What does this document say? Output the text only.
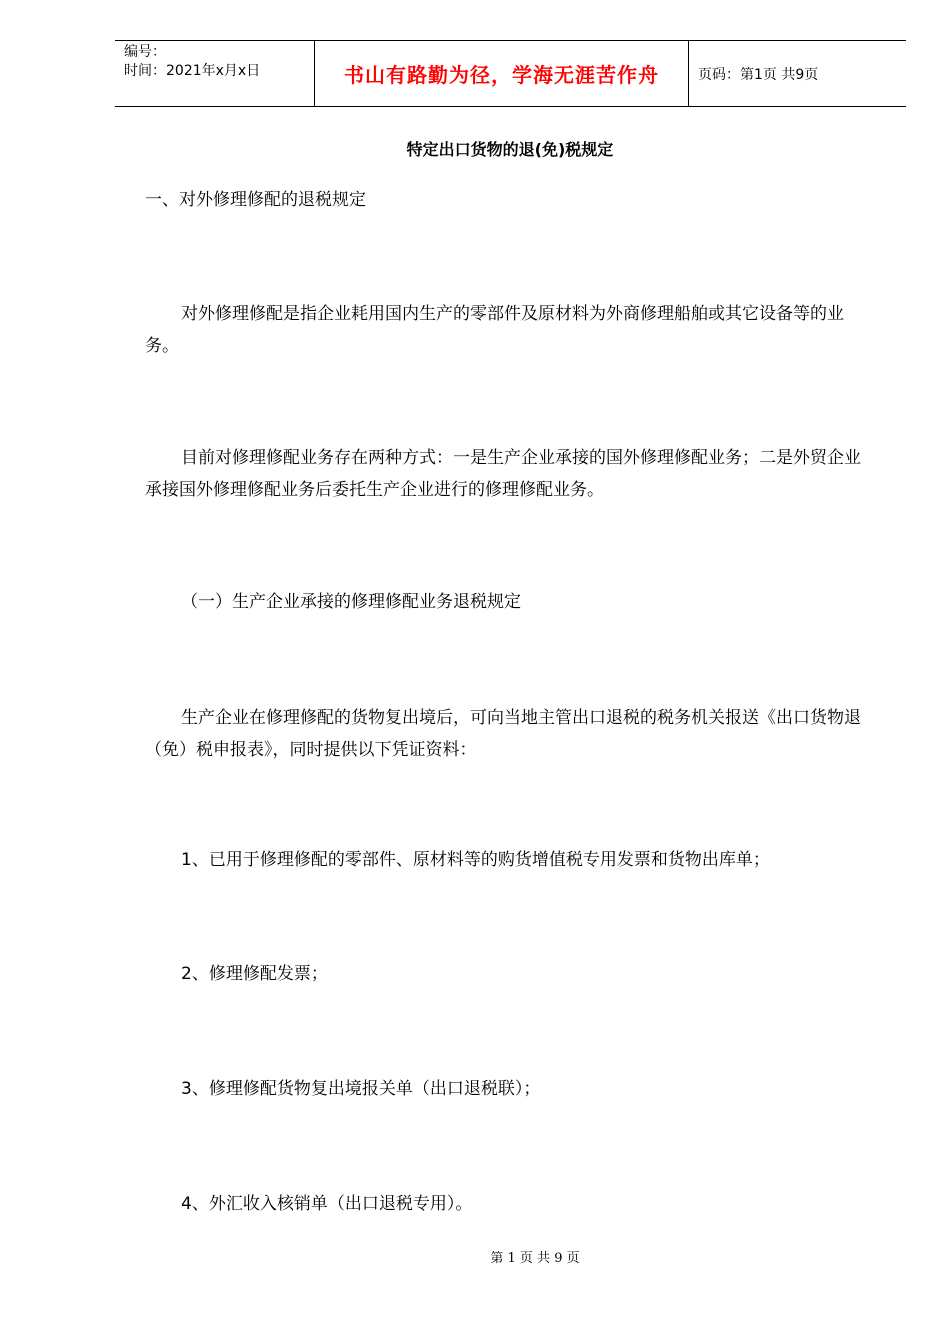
编号：
时间：2021年x月x日	书山有路勤为径，学海无涯苦作舟	页码：第1页 共9页
特定出口货物的退(免)税规定

一、对外修理修配的退税规定

对外修理修配是指企业耗用国内生产的零部件及原材料为外商修理船舶或其它设备等的业务。

目前对修理修配业务存在两种方式：一是生产企业承接的国外修理修配业务；二是外贸企业承接国外修理修配业务后委托生产企业进行的修理修配业务。

（一）生产企业承接的修理修配业务退税规定

生产企业在修理修配的货物复出境后，可向当地主管出口退税的税务机关报送《出口货物退（免）税申报表》，同时提供以下凭证资料：

1、已用于修理修配的零部件、原材料等的购货增值税专用发票和货物出库单；

2、修理修配发票；

3、修理修配货物复出境报关单（出口退税联）；

4、外汇收入核销单（出口退税专用）。

第 1 页 共 9 页
